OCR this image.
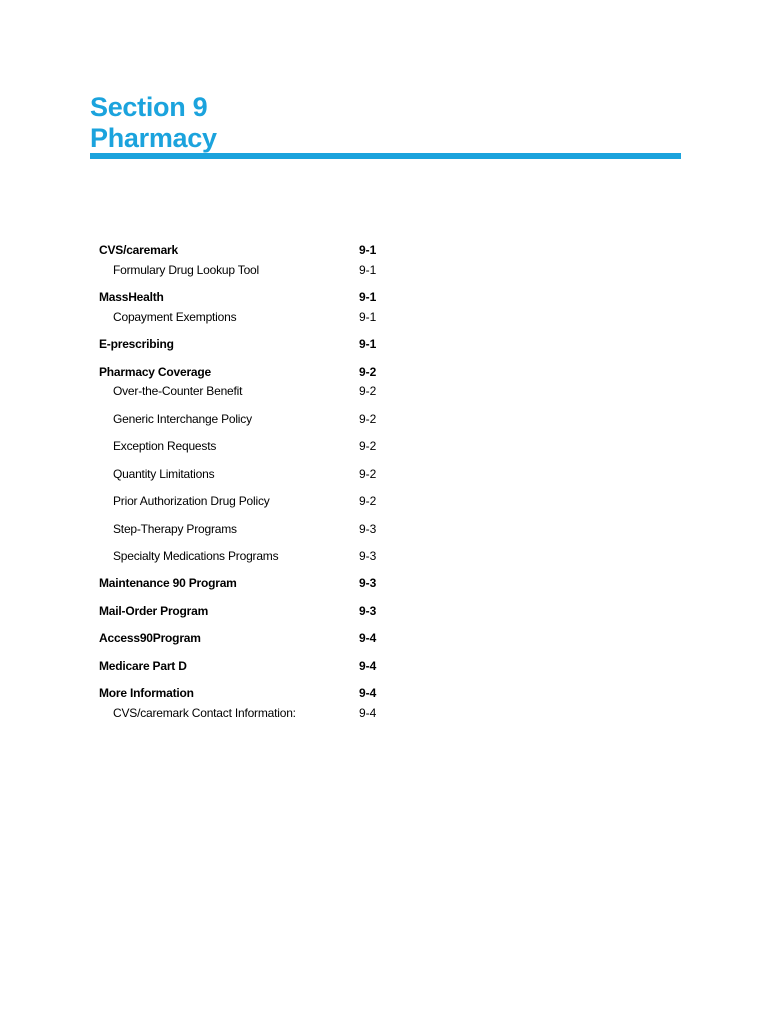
Section 9
Pharmacy
CVS/caremark	9-1
Formulary Drug Lookup Tool	9-1
MassHealth	9-1
Copayment Exemptions	9-1
E-prescribing	9-1
Pharmacy Coverage	9-2
Over-the-Counter Benefit	9-2
Generic Interchange Policy	9-2
Exception Requests	9-2
Quantity Limitations	9-2
Prior Authorization Drug Policy	9-2
Step-Therapy Programs	9-3
Specialty Medications Programs	9-3
Maintenance 90 Program	9-3
Mail-Order Program	9-3
Access90Program	9-4
Medicare Part D	9-4
More Information	9-4
CVS/caremark Contact Information:	9-4
